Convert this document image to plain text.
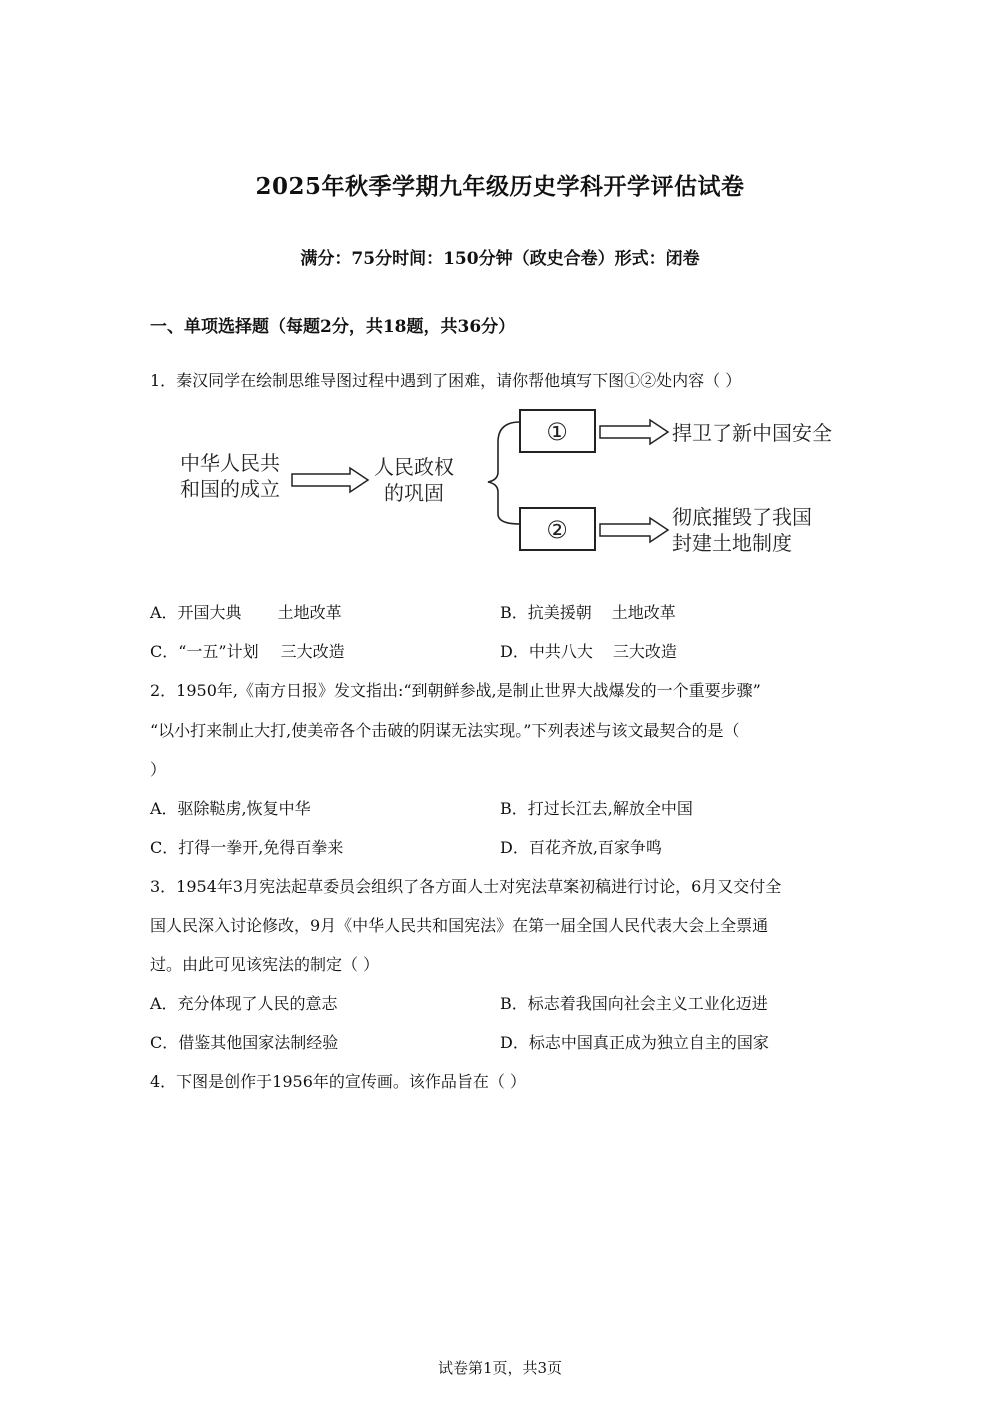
2025年秋季学期九年级历史学科开学评估试卷
满分：75分时间：150分钟（政史合卷）形式：闭卷
一、单项选择题（每题2分，共18题，共36分）
1．秦汉同学在绘制思维导图过程中遇到了困难，请你帮他填写下图①②处内容（ ）
中华人民共
和国的成立
人民政权
的巩固
①	捍卫了新中国安全
②	彻底摧毁了我国
封建土地制度
A．开国大典 土地改革	B．抗美援朝 土地改革
C．“一五”计划 三大改造	D．中共八大 三大改造
2．1950年,《南方日报》发文指出:“到朝鲜参战,是制止世界大战爆发的一个重要步骤”
“以小打来制止大打,使美帝各个击破的阴谋无法实现。”下列表述与该文最契合的是（
）
A．驱除鞑虏,恢复中华	B．打过长江去,解放全中国
C．打得一拳开,免得百拳来	D．百花齐放,百家争鸣
3．1954年3月宪法起草委员会组织了各方面人士对宪法草案初稿进行讨论，6月又交付全
国人民深入讨论修改，9月《中华人民共和国宪法》在第一届全国人民代表大会上全票通
过。由此可见该宪法的制定（ ）
A．充分体现了人民的意志	B．标志着我国向社会主义工业化迈进
C．借鉴其他国家法制经验	D．标志中国真正成为独立自主的国家
4．下图是创作于1956年的宣传画。该作品旨在（ ）
试卷第1页，共3页
